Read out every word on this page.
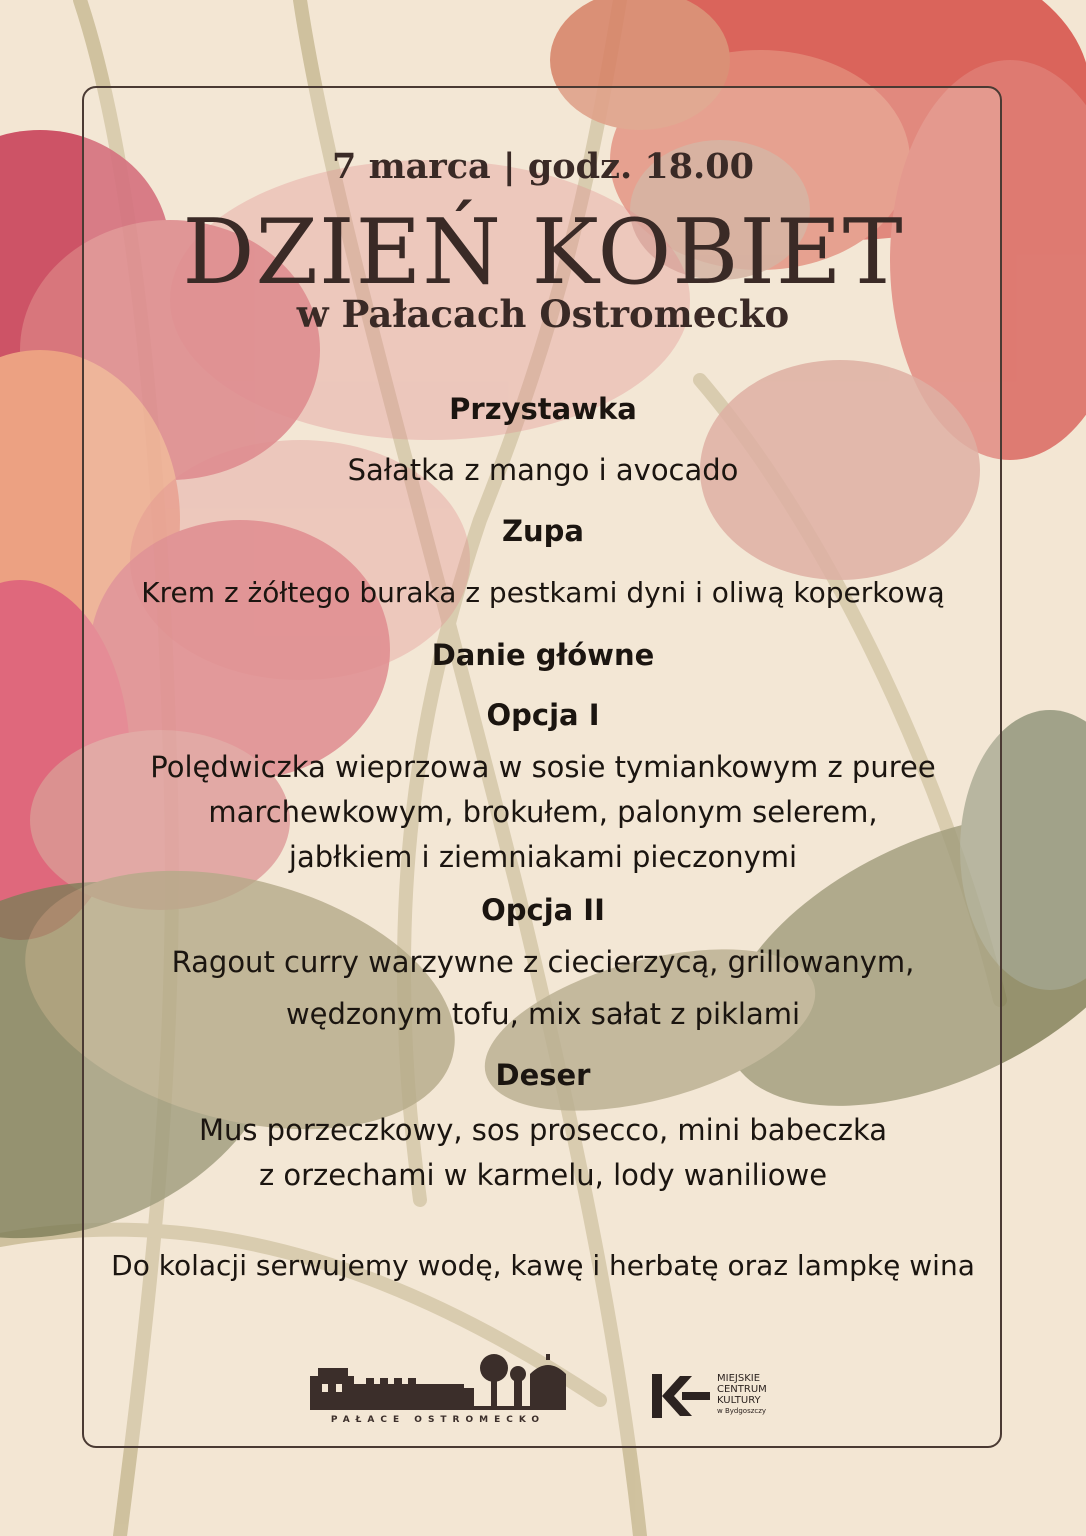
7 marca | godz. 18.00
DZIEŃ KOBIET
w Pałacach Ostromecko
Przystawka
Sałatka z mango i avocado
Zupa
Krem z żółtego buraka z pestkami dyni i oliwą koperkową
Danie główne
Opcja I
Polędwiczka wieprzowa w sosie tymiankowym z puree
marchewkowym, brokułem, palonym selerem,
jabłkiem i ziemniakami pieczonymi
Opcja II
Ragout curry warzywne z ciecierzycą, grillowanym,
wędzonym tofu, mix sałat z piklami
Deser
Mus porzeczkowy, sos prosecco, mini babeczka
z orzechami w karmelu, lody waniliowe
Do kolacji serwujemy wodę, kawę i herbatę oraz lampkę wina
PAŁACE OSTROMECKO
MIEJSKIE
CENTRUM
KULTURY
w Bydgoszczy
